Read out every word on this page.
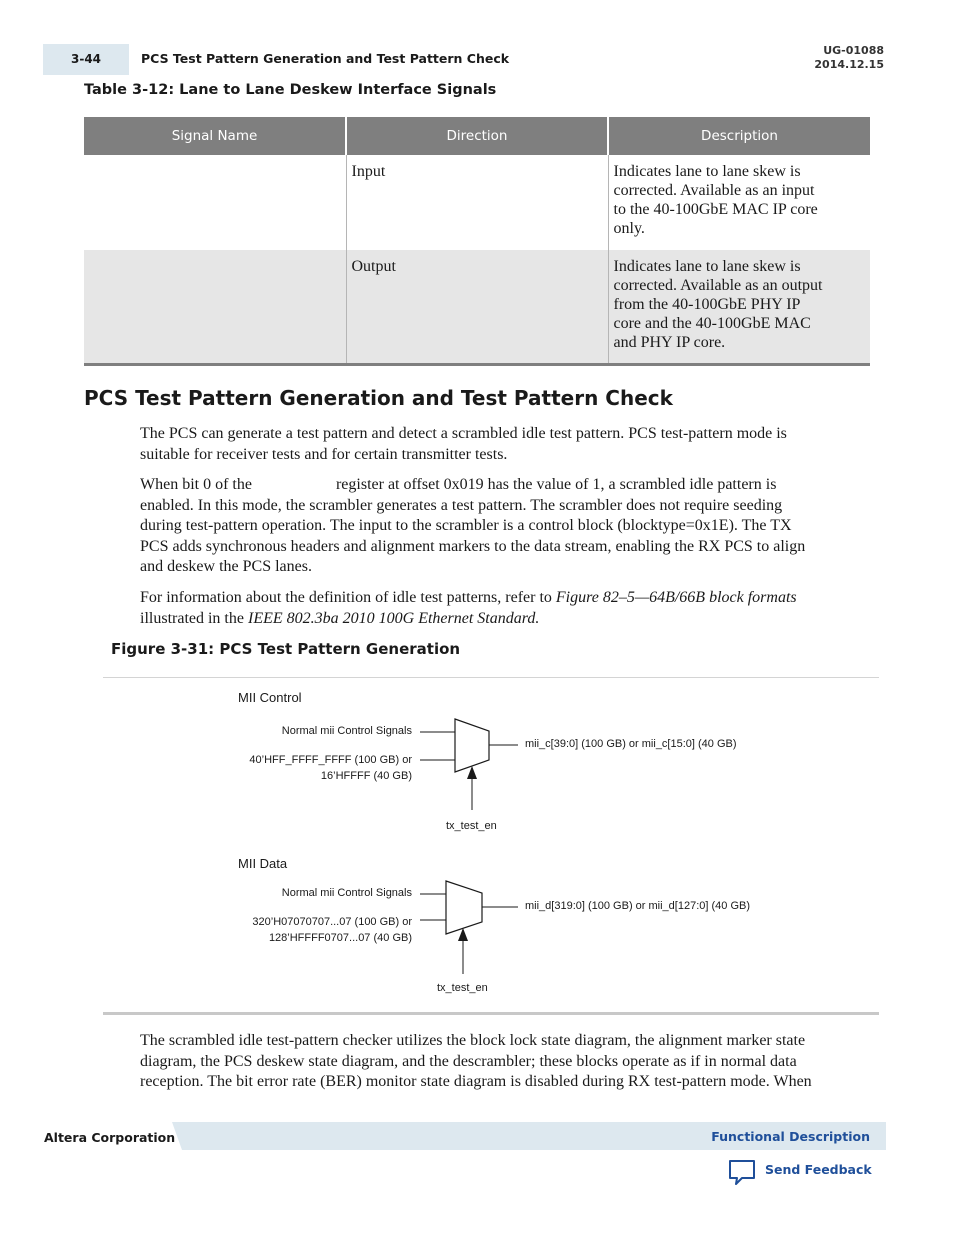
3-44	PCS Test Pattern Generation and Test Pattern Check
UG-01088
2014.12.15
Table 3-12: Lane to Lane Deskew Interface Signals
Signal Name	Direction	Description
	Input	Indicates lane to lane skew is
corrected. Available as an input
to the 40-100GbE MAC IP core
only.

	Output	Indicates lane to lane skew is
corrected. Available as an output
from the 40-100GbE PHY IP
core and the 40-100GbE MAC
and PHY IP core.
PCS Test Pattern Generation and Test Pattern Check
The PCS can generate a test pattern and detect a scrambled idle test pattern. PCS test-pattern mode is
suitable for receiver tests and for certain transmitter tests.
When bit 0 of the	register at offset 0x019 has the value of 1, a scrambled idle pattern is
enabled. In this mode, the scrambler generates a test pattern. The scrambler does not require seeding
during test-pattern operation. The input to the scrambler is a control block (blocktype=0x1E). The TX
PCS adds synchronous headers and alignment markers to the data stream, enabling the RX PCS to align
and deskew the PCS lanes.
For information about the definition of idle test patterns, refer to Figure 82–5—64B/66B block formats
illustrated in the IEEE 802.3ba 2010 100G Ethernet Standard.
Figure 3-31: PCS Test Pattern Generation
MII Control
Normal mii Control Signals
40’HFF_FFFF_FFFF (100 GB) or
16’HFFFF (40 GB)
mii_c[39:0] (100 GB) or mii_c[15:0] (40 GB)
tx_test_en
MII Data
Normal mii Control Signals
320’H07070707...07 (100 GB) or
128’HFFFF0707...07 (40 GB)
mii_d[319:0] (100 GB) or mii_d[127:0] (40 GB)
tx_test_en
The scrambled idle test-pattern checker utilizes the block lock state diagram, the alignment marker state
diagram, the PCS deskew state diagram, and the descrambler; these blocks operate as if in normal data
reception. The bit error rate (BER) monitor state diagram is disabled during RX test-pattern mode. When
Altera Corporation	Functional Description
Send Feedback
